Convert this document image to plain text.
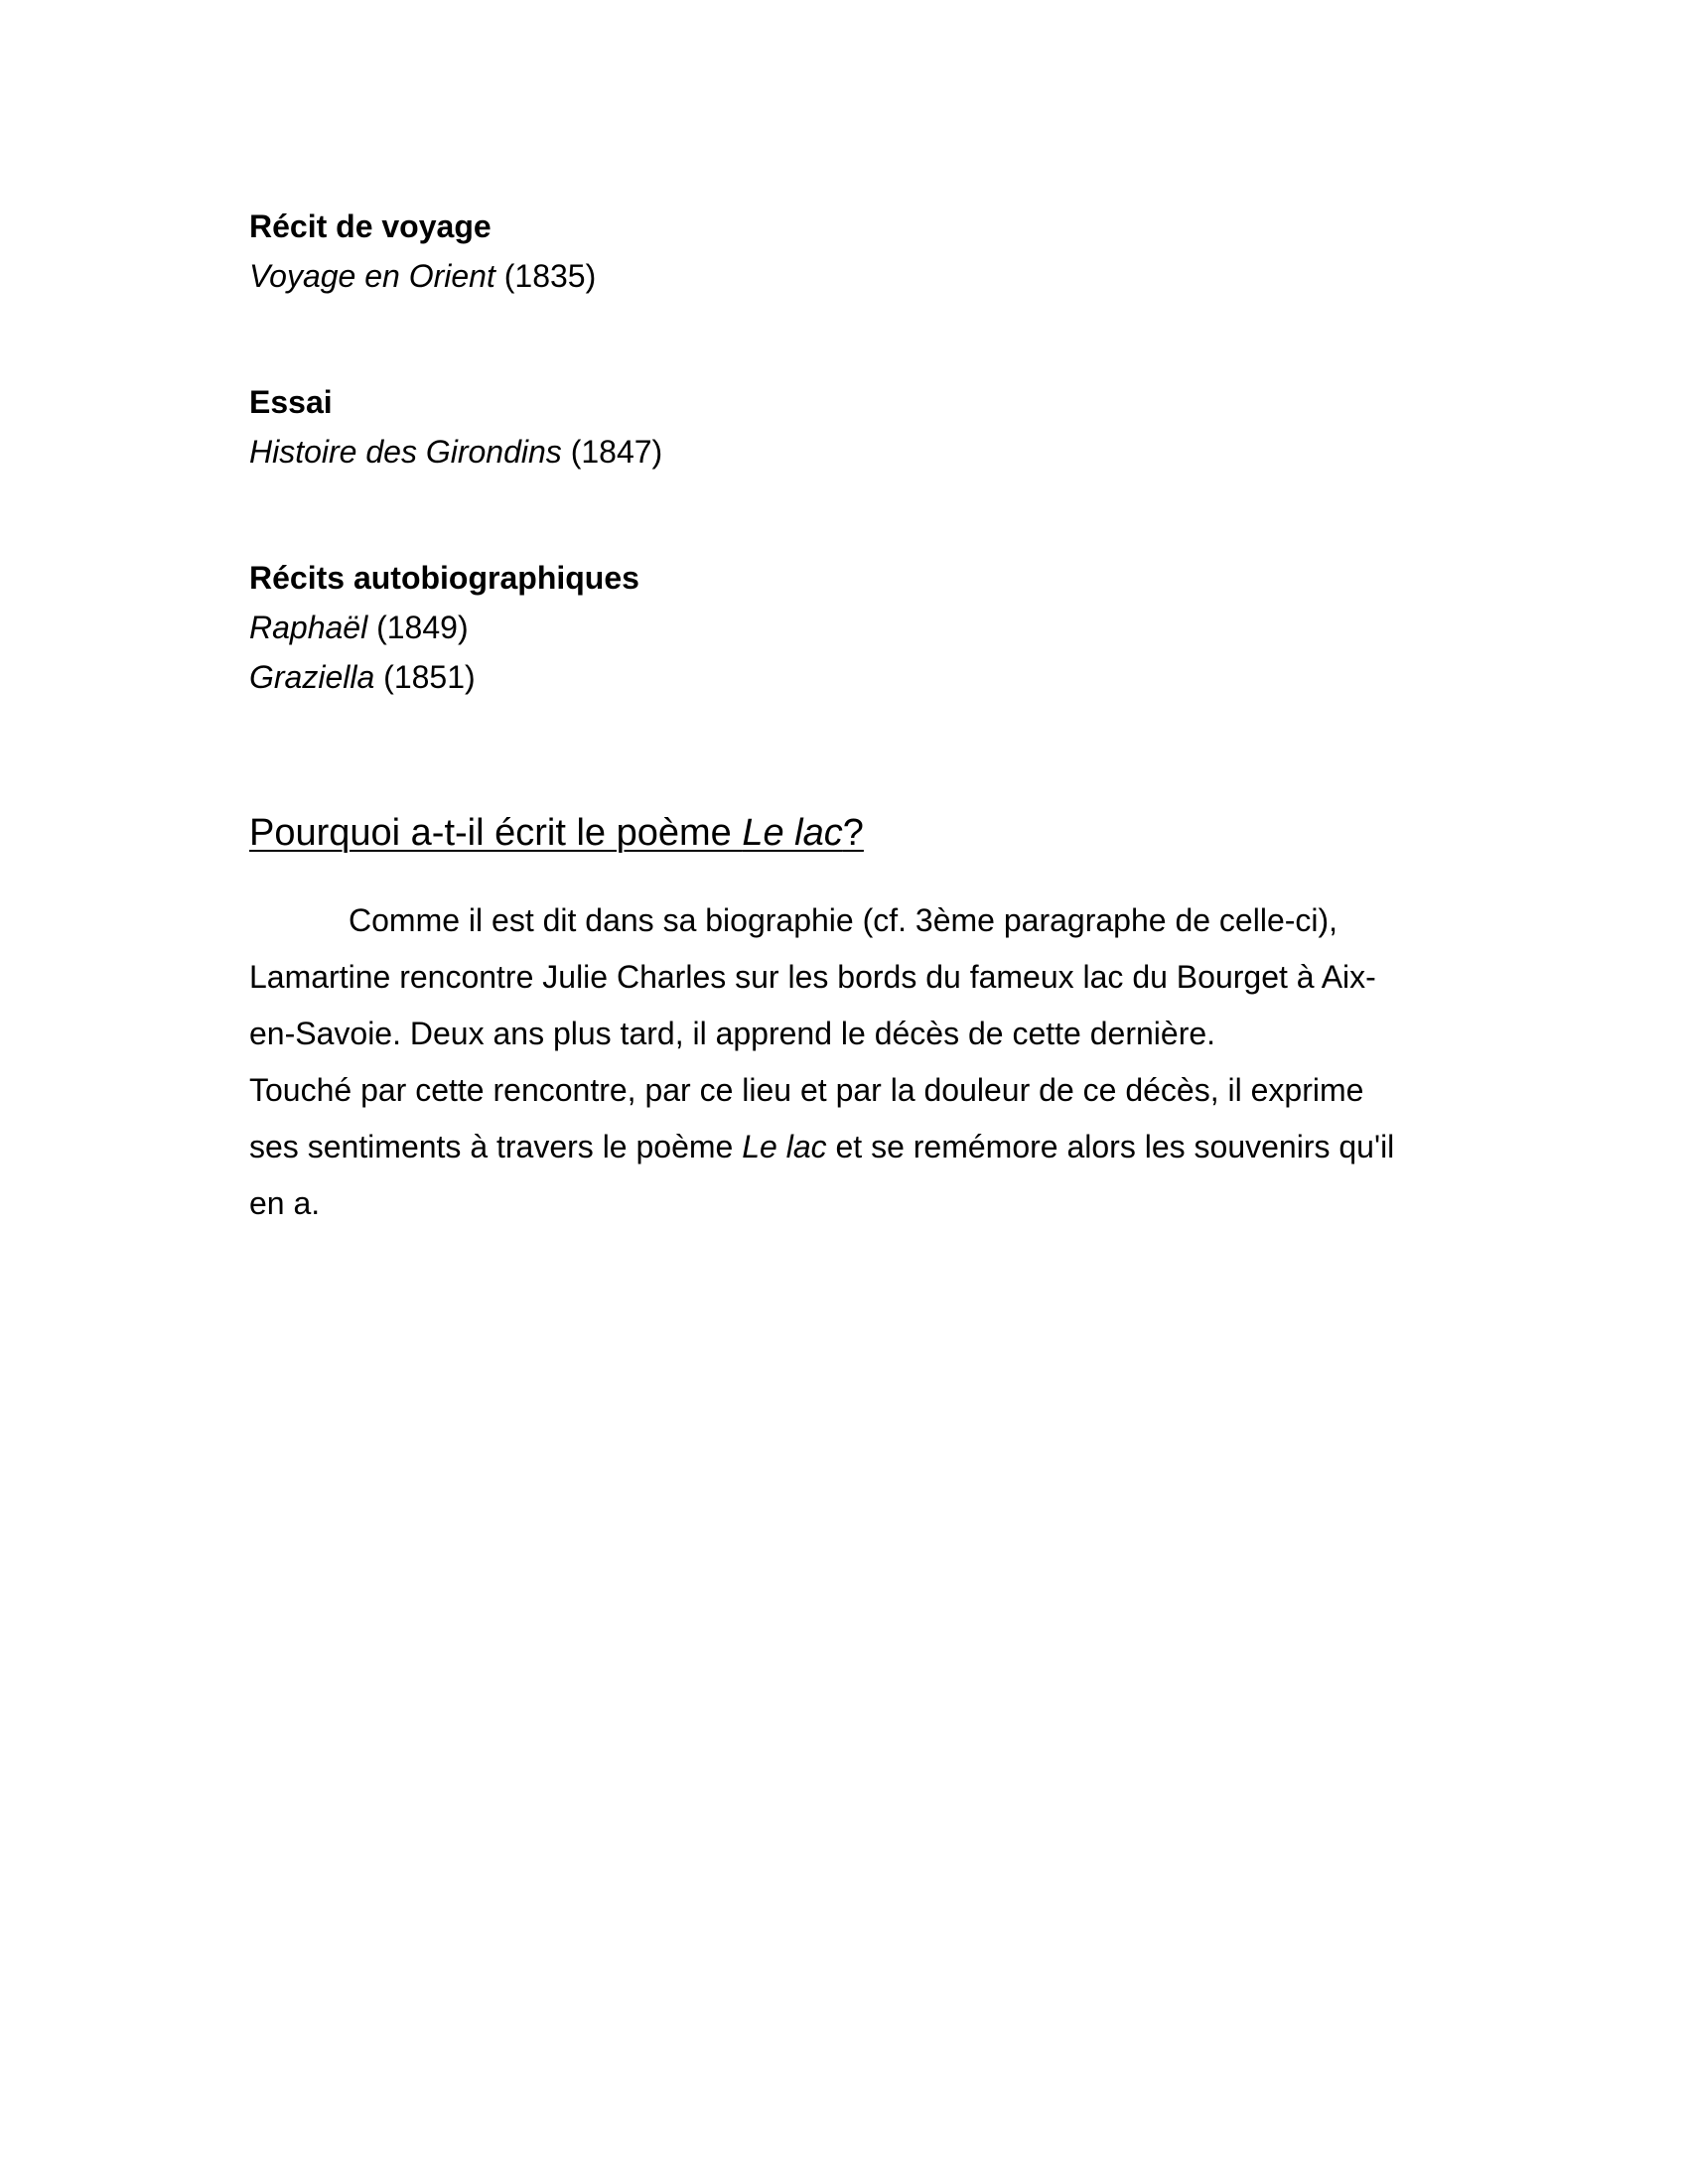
Récit de voyage
Voyage en Orient (1835)
Essai
Histoire des Girondins (1847)
Récits autobiographiques
Raphaël (1849)
Graziella (1851)
Pourquoi a-t-il écrit le poème Le lac?
Comme il est dit dans sa biographie (cf. 3ème paragraphe de celle-ci),
Lamartine rencontre Julie Charles sur les bords du fameux lac du Bourget à Aix-
en-Savoie. Deux ans plus tard, il apprend le décès de cette dernière.
Touché par cette rencontre, par ce lieu et par la douleur de ce décès, il exprime
ses sentiments à travers le poème Le lac et se remémore alors les souvenirs qu'il
en a.
